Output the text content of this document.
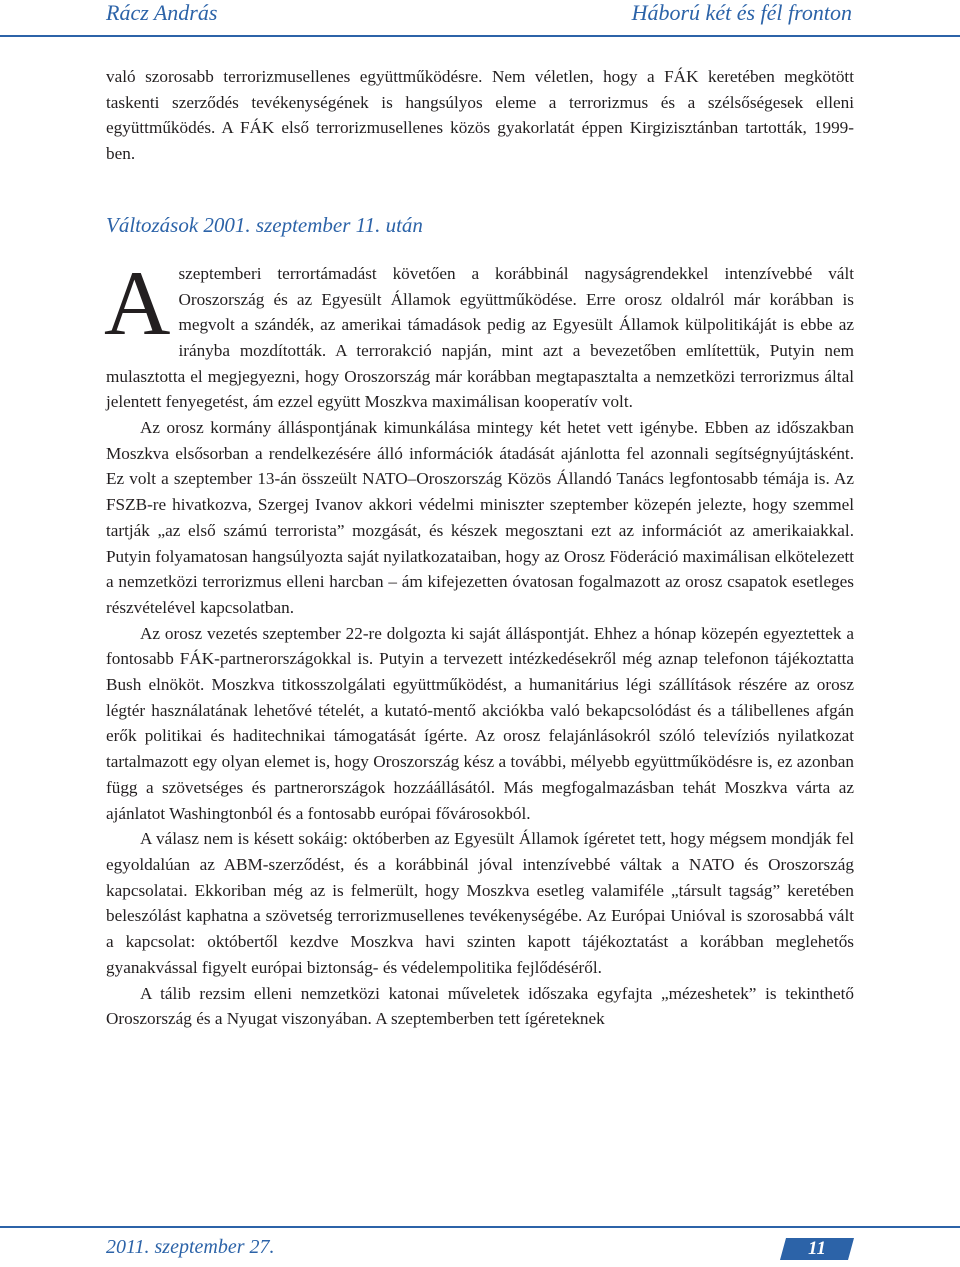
Rácz András	Háború két és fél fronton

való szorosabb terrorizmusellenes együttműködésre. Nem véletlen, hogy a FÁK keretében megkötött taskenti szerződés tevékenységének is hangsúlyos eleme a terrorizmus és a szélsőségesek elleni együttműködés. A FÁK első terrorizmusellenes közös gyakorlatát éppen Kirgizisztánban tartották, 1999-ben.

Változások 2001. szeptember 11. után

Aszeptemberi terrortámadást követően a korábbinál nagyságrendekkel intenzívebbé vált Oroszország és az Egyesült Államok együttműködése. Erre orosz oldalról már korábban is megvolt a szándék, az amerikai támadások pedig az Egyesült Államok külpolitikáját is ebbe az irányba mozdították. A terrorakció napján, mint azt a bevezetőben említettük, Putyin nem mulasztotta el megjegyezni, hogy Oroszország már korábban megtapasztalta a nemzetközi terrorizmus által jelentett fenyegetést, ám ezzel együtt Moszkva maximálisan kooperatív volt.

Az orosz kormány álláspontjának kimunkálása mintegy két hetet vett igénybe. Ebben az időszakban Moszkva elsősorban a rendelkezésére álló információk átadását ajánlotta fel azonnali segítségnyújtásként. Ez volt a szeptember 13-án összeült NATO–Oroszország Közös Állandó Tanács legfontosabb témája is. Az FSZB-re hivatkozva, Szergej Ivanov akkori védelmi miniszter szeptember közepén jelezte, hogy szemmel tartják „az első számú terrorista” mozgását, és készek megosztani ezt az információt az amerikaiakkal. Putyin folyamatosan hangsúlyozta saját nyilatkozataiban, hogy az Orosz Föderáció maximálisan elkötelezett a nemzetközi terrorizmus elleni harcban – ám kifejezetten óvatosan fogalmazott az orosz csapatok esetleges részvételével kapcsolatban.

Az orosz vezetés szeptember 22-re dolgozta ki saját álláspontját. Ehhez a hónap közepén egyeztettek a fontosabb FÁK-partnerországokkal is. Putyin a tervezett intézkedésekről még aznap telefonon tájékoztatta Bush elnököt. Moszkva titkosszolgálati együttműködést, a humanitárius légi szállítások részére az orosz légtér használatának lehetővé tételét, a kutató-mentő akciókba való bekapcsolódást és a tálibellenes afgán erők politikai és haditechnikai támogatását ígérte. Az orosz felajánlásokról szóló televíziós nyilatkozat tartalmazott egy olyan elemet is, hogy Oroszország kész a további, mélyebb együttműködésre is, ez azonban függ a szövetséges és partnerországok hozzáállásától. Más megfogalmazásban tehát Moszkva várta az ajánlatot Washingtonból és a fontosabb európai fővárosokból.

A válasz nem is késett sokáig: októberben az Egyesült Államok ígéretet tett, hogy mégsem mondják fel egyoldalúan az ABM-szerződést, és a korábbinál jóval intenzívebbé váltak a NATO és Oroszország kapcsolatai. Ekkoriban még az is felmerült, hogy Moszkva esetleg valamiféle „társult tagság” keretében beleszólást kaphatna a szövetség terrorizmusellenes tevékenységébe. Az Európai Unióval is szorosabbá vált a kapcsolat: októbertől kezdve Moszkva havi szinten kapott tájékoztatást a korábban meglehetős gyanakvással figyelt európai biztonság- és védelempolitika fejlődéséről.

A tálib rezsim elleni nemzetközi katonai műveletek időszaka egyfajta „mézeshetek” is tekinthető Oroszország és a Nyugat viszonyában. A szeptemberben tett ígéreteknek

2011. szeptember 27.	11
